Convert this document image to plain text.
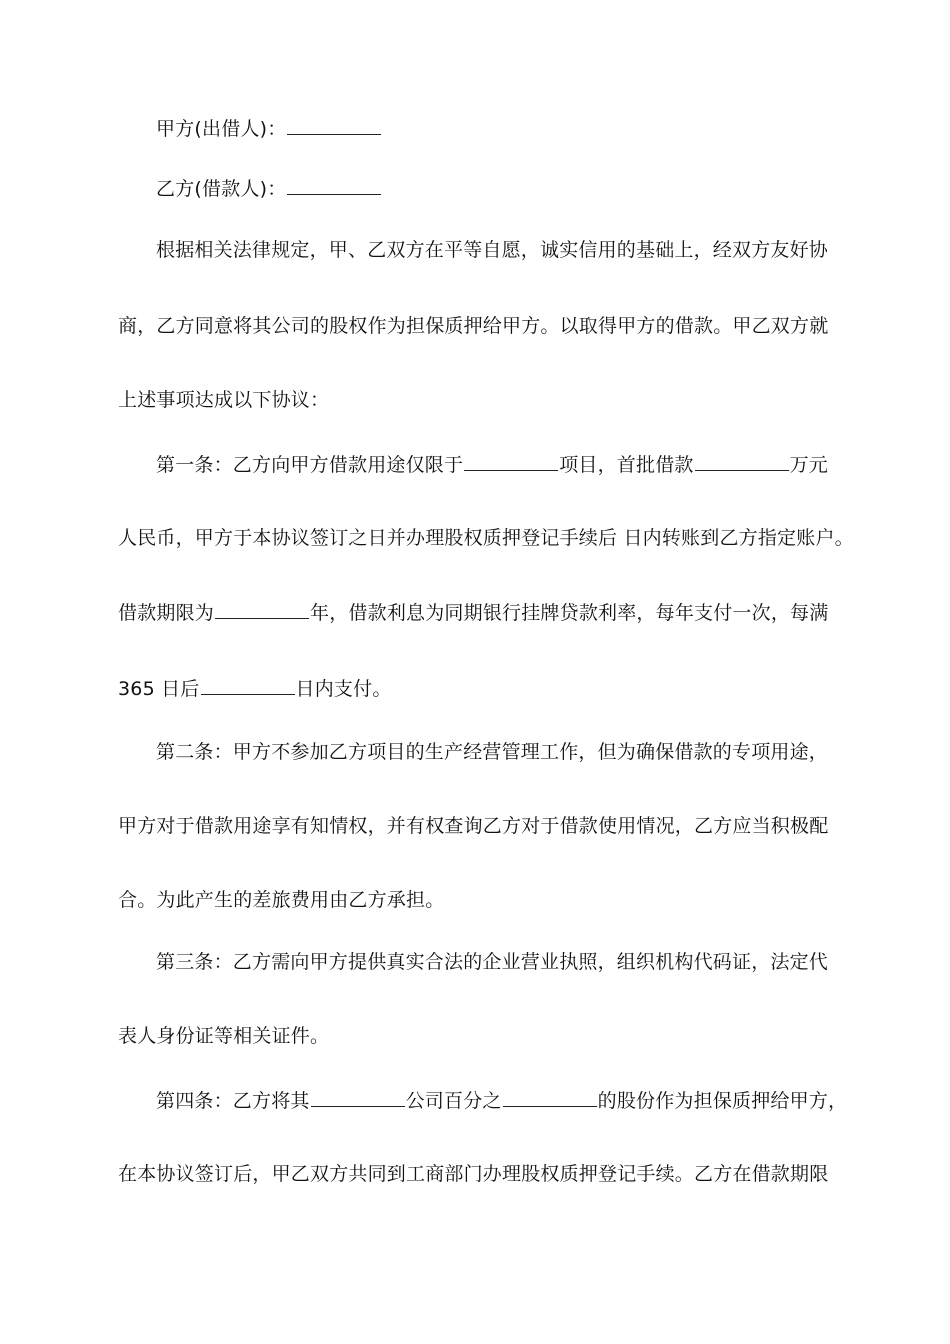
甲方(出借人)：
乙方(借款人)：
根据相关法律规定，甲、乙双方在平等自愿，诚实信用的基础上，经双方友好协
商，乙方同意将其公司的股权作为担保质押给甲方。以取得甲方的借款。甲乙双方就
上述事项达成以下协议：
第一条：乙方向甲方借款用途仅限于	项目，首批借款	万元
人民币，甲方于本协议签订之日并办理股权质押登记手续后 日内转账到乙方指定账户。
借款期限为	年，借款利息为同期银行挂牌贷款利率，每年支付一次，每满
365 日后	日内支付。
第二条：甲方不参加乙方项目的生产经营管理工作，但为确保借款的专项用途，
甲方对于借款用途享有知情权，并有权查询乙方对于借款使用情况，乙方应当积极配
合。为此产生的差旅费用由乙方承担。
第三条：乙方需向甲方提供真实合法的企业营业执照，组织机构代码证，法定代
表人身份证等相关证件。
第四条：乙方将其	公司百分之	的股份作为担保质押给甲方，
在本协议签订后，甲乙双方共同到工商部门办理股权质押登记手续。乙方在借款期限
